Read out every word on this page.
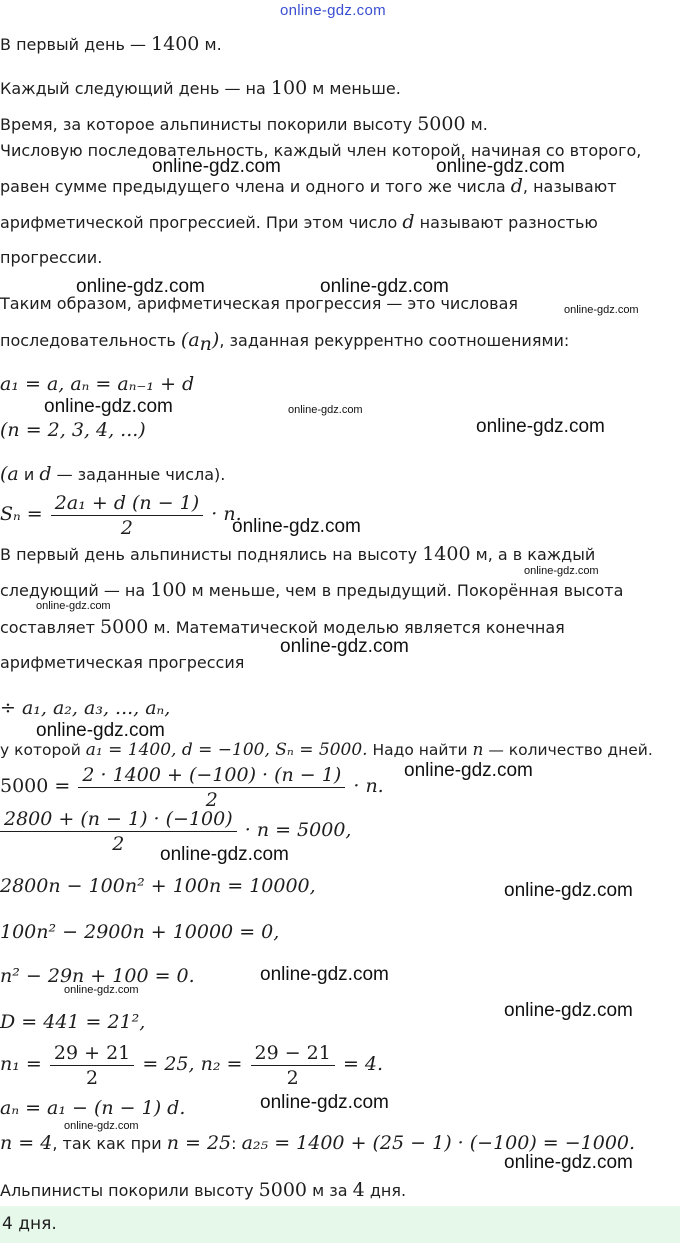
online-gdz.com
В первый день — 1400 м.
Каждый следующий день — на 100 м меньше.
Время, за которое альпинисты покорили высоту 5000 м.
Числовую последовательность, каждый член которой, начиная со второго,
равен сумме предыдущего члена и одного и того же числа d, называют
арифметической прогрессией. При этом число d называют разностью
прогрессии.
Таким образом, арифметическая прогрессия — это числовая
последовательность $(a_n)$, заданная рекуррентно соотношениями:
a₁ = a, aₙ = aₙ₋₁ + d
(n = 2, 3, 4, ...)
(a и d — заданные числа).
$S_n = \frac{\text{2a₁ + d (n − 1)}}{2} \cdot n$.
В первый день альпинисты поднялись на высоту 1400 м, а в каждый
следующий — на 100 м меньше, чем в предыдущий. Покорённая высота
составляет 5000 м. Математической моделью является конечная
арифметическая прогрессия
÷ a₁, a₂, a₃, ..., aₙ,
у которой a₁ = 1400, d = −100, Sₙ = 5000. Надо найти n — количество дней.
$5000 = \frac{2 \cdot 1400 + (-100) \cdot (n - 1)}{2} \cdot n$.
$\frac{2800 + (n - 1) \cdot (-100)}{2} \cdot n = 5000$,
2800n − 100n² + 100n = 10000,
100n² − 2900n + 10000 = 0,
n² − 29n + 100 = 0.
D = 441 = 21²,
$n_1 = \frac{29 + 21}{2} = 25$, $n_2 = \frac{29 - 21}{2} = 4$.
aₙ = a₁ − (n − 1) d.
n = 4, так как при n = 25: a₂₅ = 1400 + (25 − 1) · (−100) = −1000.
Альпинисты покорили высоту 5000 м за 4 дня.
4 дня.
online-gdz.com	online-gdz.com
online-gdz.com	online-gdz.com
online-gdz.com
online-gdz.com	online-gdz.com
online-gdz.com
online-gdz.com
online-gdz.com
online-gdz.com
online-gdz.com
online-gdz.com
online-gdz.com
online-gdz.com
online-gdz.com
online-gdz.com
online-gdz.com
online-gdz.com
online-gdz.com
online-gdz.com
online-gdz.com
